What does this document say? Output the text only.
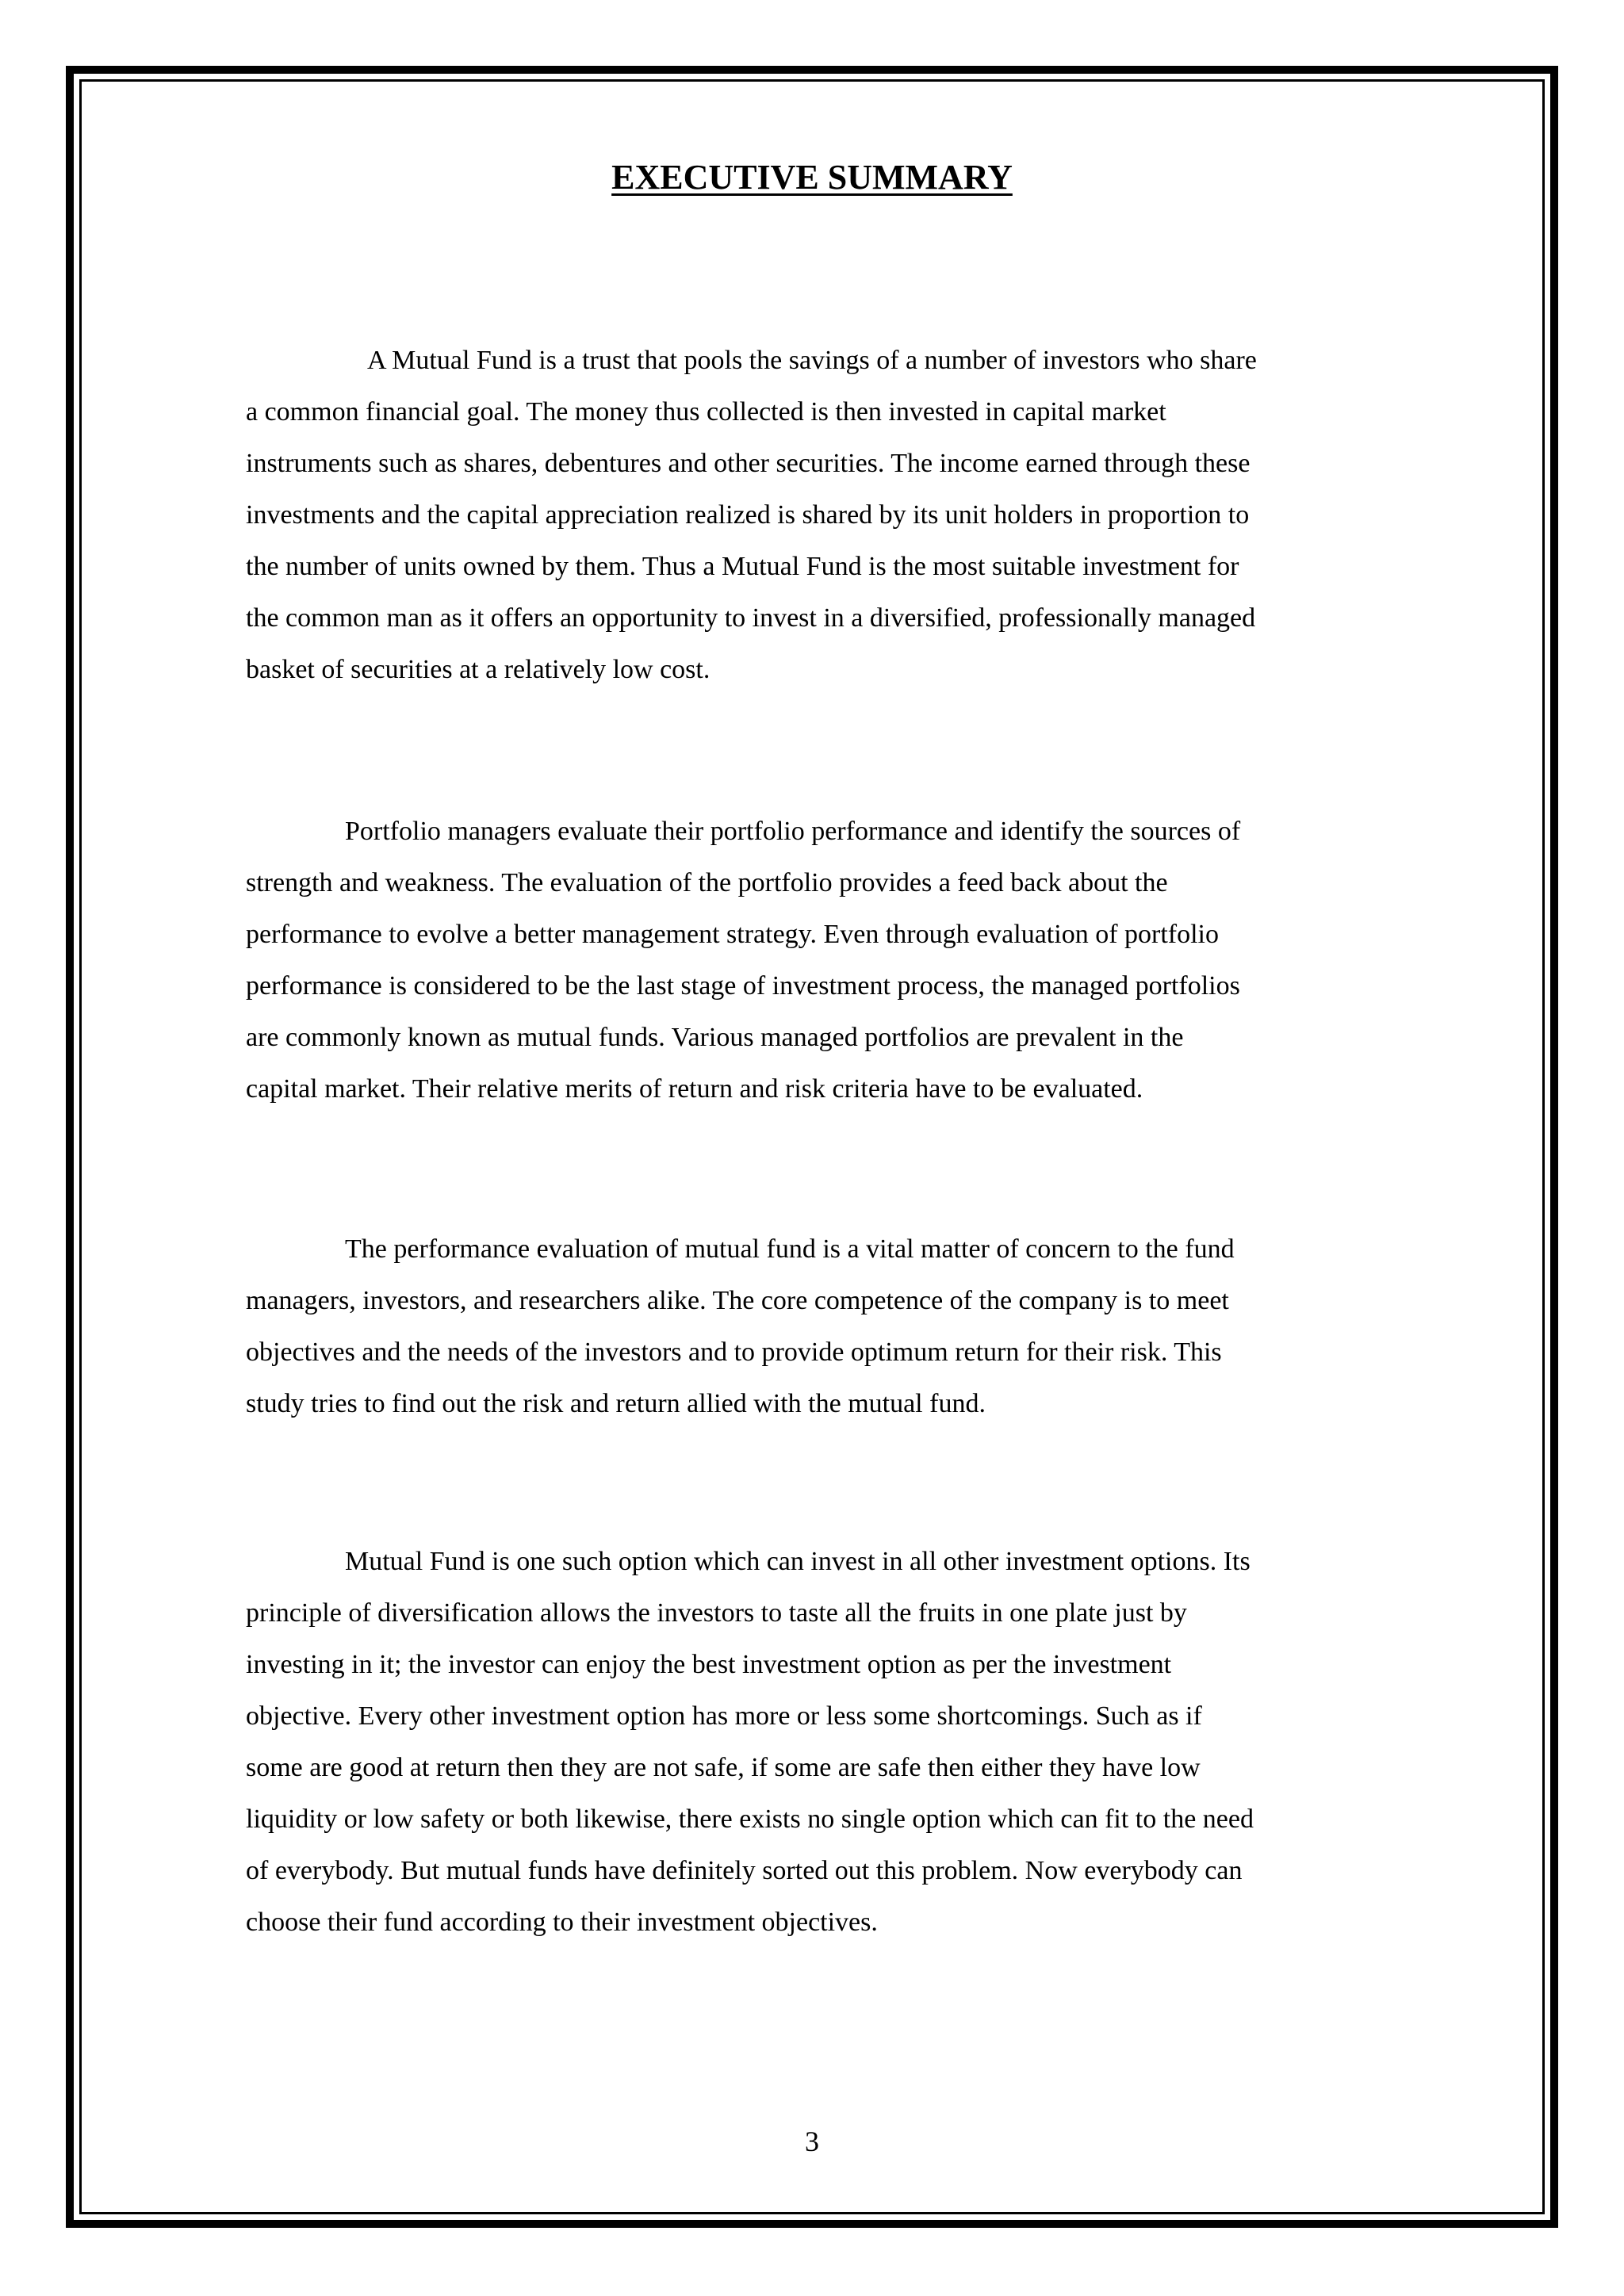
EXECUTIVE SUMMARY

A Mutual Fund is a trust that pools the savings of a number of investors who share
a common financial goal. The money thus collected is then invested in capital market
instruments such as shares, debentures and other securities. The income earned through these
investments and the capital appreciation realized is shared by its unit holders in proportion to
the number of units owned by them. Thus a Mutual Fund is the most suitable investment for
the common man as it offers an opportunity to invest in a diversified, professionally managed
basket of securities at a relatively low cost.

Portfolio managers evaluate their portfolio performance and identify the sources of
strength and weakness. The evaluation of the portfolio provides a feed back about the
performance to evolve a better management strategy. Even through evaluation of portfolio
performance is considered to be the last stage of investment process, the managed portfolios
are commonly known as mutual funds. Various managed portfolios are prevalent in the
capital market. Their relative merits of return and risk criteria have to be evaluated.

The performance evaluation of mutual fund is a vital matter of concern to the fund
managers, investors, and researchers alike. The core competence of the company is to meet
objectives and the needs of the investors and to provide optimum return for their risk. This
study tries to find out the risk and return allied with the mutual fund.

Mutual Fund is one such option which can invest in all other investment options. Its
principle of diversification allows the investors to taste all the fruits in one plate just by
investing in it; the investor can enjoy the best investment option as per the investment
objective. Every other investment option has more or less some shortcomings. Such as if
some are good at return then they are not safe, if some are safe then either they have low
liquidity or low safety or both likewise, there exists no single option which can fit to the need
of everybody. But mutual funds have definitely sorted out this problem. Now everybody can
choose their fund according to their investment objectives.

3
